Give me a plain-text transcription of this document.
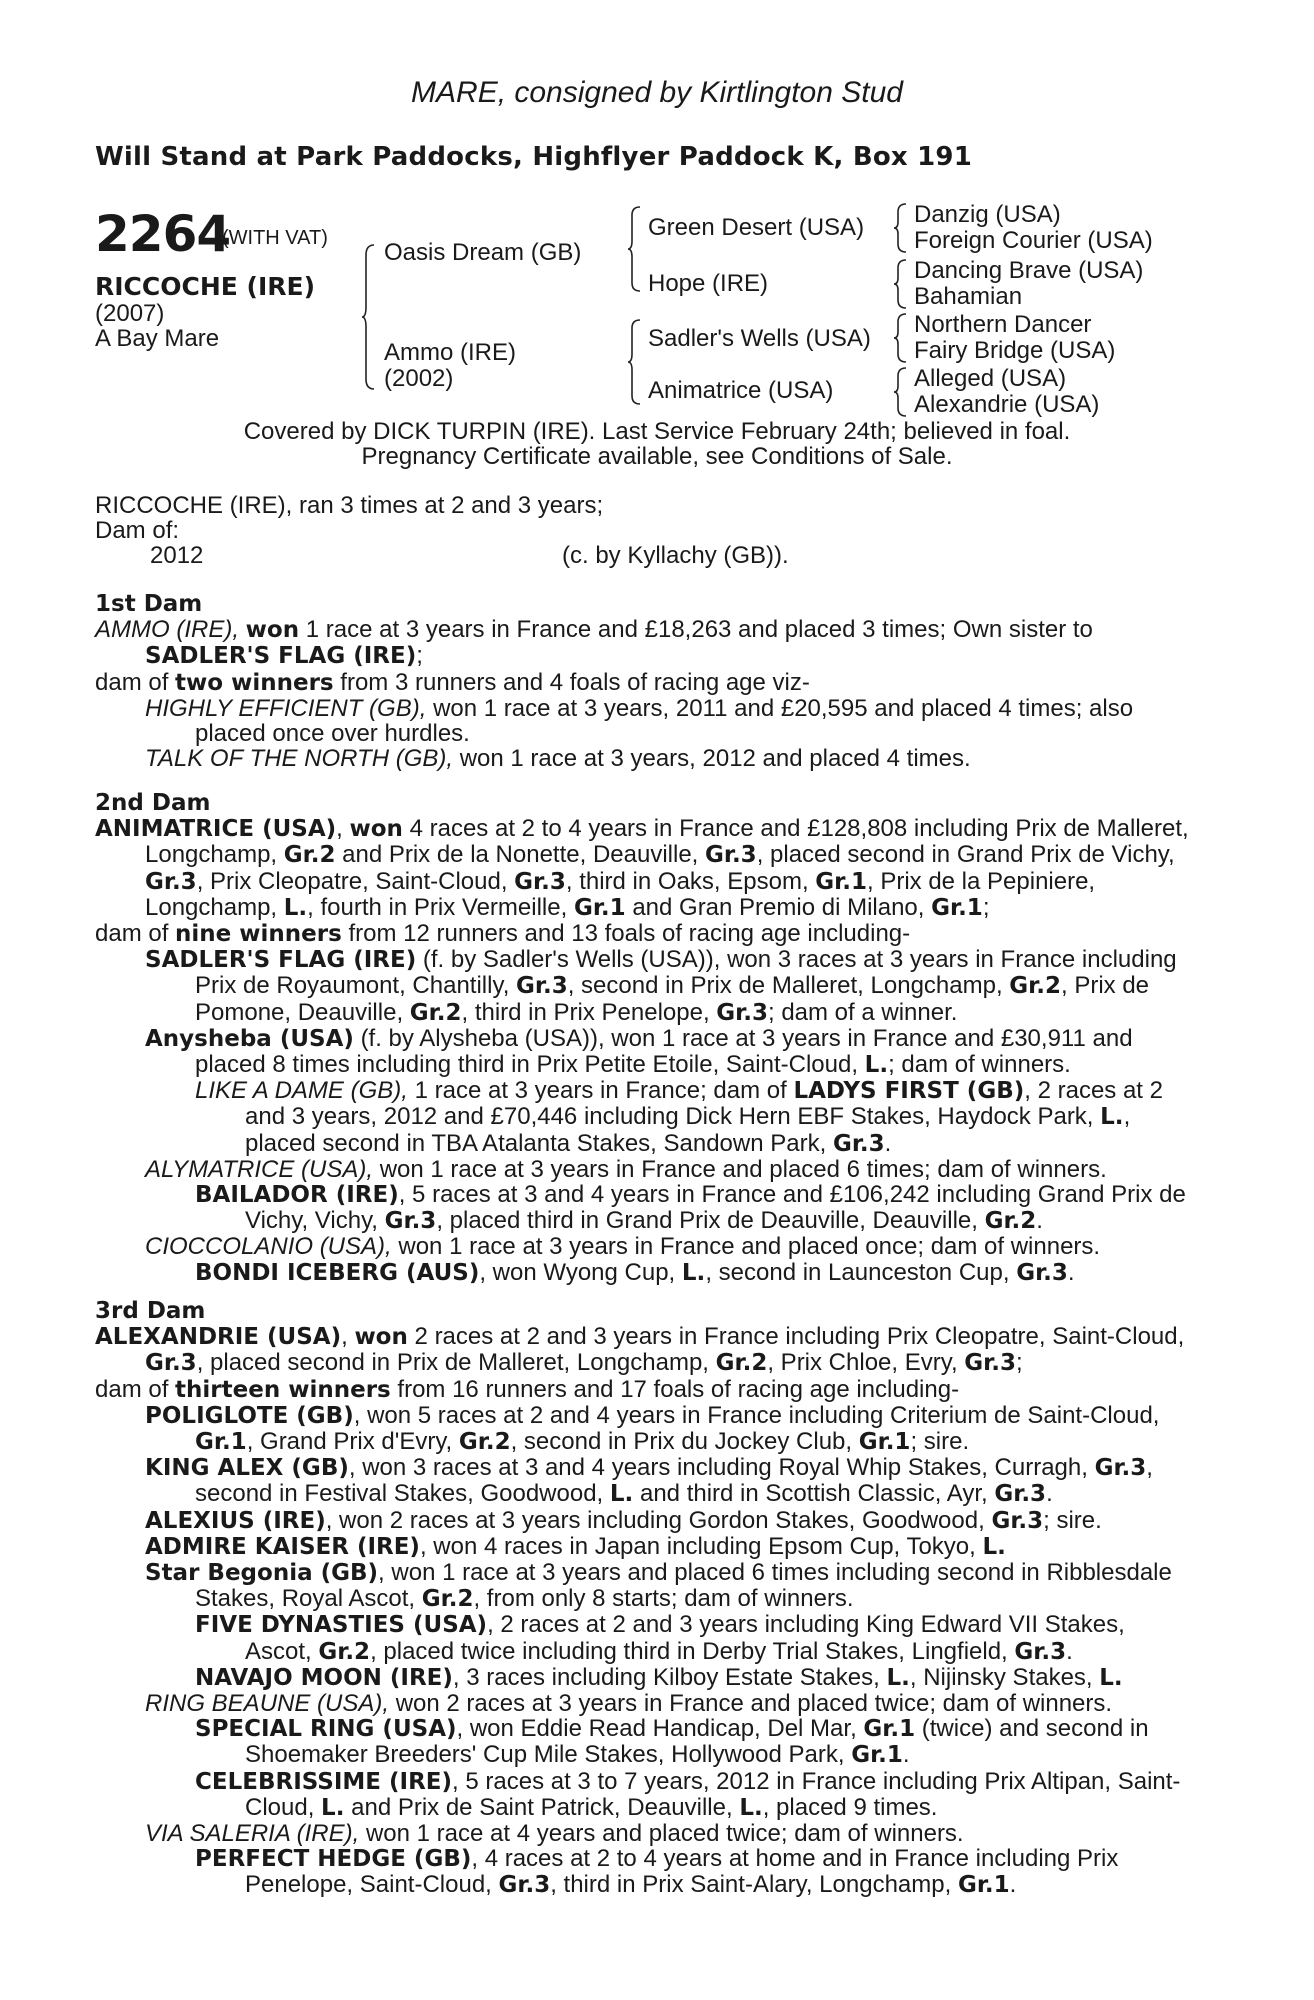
MARE, consigned by Kirtlington Stud
Will Stand at Park Paddocks, Highflyer Paddock K, Box 191
2264
(WITH VAT)
RICCOCHE (IRE)
(2007)
A Bay Mare
Oasis Dream (GB)
Ammo (IRE)
(2002)
Green Desert (USA)
Hope (IRE)
Sadler's Wells (USA)
Animatrice (USA)
Danzig (USA)
Foreign Courier (USA)
Dancing Brave (USA)
Bahamian
Northern Dancer
Fairy Bridge (USA)
Alleged (USA)
Alexandrie (USA)
Covered by DICK TURPIN (IRE). Last Service February 24th; believed in foal.
Pregnancy Certificate available, see Conditions of Sale.

RICCOCHE (IRE), ran 3 times at 2 and 3 years;

Dam of:

2012	(c. by Kyllachy (GB)).

1st Dam

AMMO (IRE), won 1 race at 3 years in France and £18,263 and placed 3 times; Own sister to SADLER'S FLAG (IRE);

dam of two winners from 3 runners and 4 foals of racing age viz-

HIGHLY EFFICIENT (GB), won 1 race at 3 years, 2011 and £20,595 and placed 4 times; also placed once over hurdles.

TALK OF THE NORTH (GB), won 1 race at 3 years, 2012 and placed 4 times.

2nd Dam

ANIMATRICE (USA), won 4 races at 2 to 4 years in France and £128,808 including Prix de Malleret, Longchamp, Gr.2 and Prix de la Nonette, Deauville, Gr.3, placed second in Grand Prix de Vichy, Gr.3, Prix Cleopatre, Saint-Cloud, Gr.3, third in Oaks, Epsom, Gr.1, Prix de la Pepiniere, Longchamp, L., fourth in Prix Vermeille, Gr.1 and Gran Premio di Milano, Gr.1;

dam of nine winners from 12 runners and 13 foals of racing age including-

SADLER'S FLAG (IRE) (f. by Sadler's Wells (USA)), won 3 races at 3 years in France including Prix de Royaumont, Chantilly, Gr.3, second in Prix de Malleret, Longchamp, Gr.2, Prix de Pomone, Deauville, Gr.2, third in Prix Penelope, Gr.3; dam of a winner.

Anysheba (USA) (f. by Alysheba (USA)), won 1 race at 3 years in France and £30,911 and placed 8 times including third in Prix Petite Etoile, Saint-Cloud, L.; dam of winners.

LIKE A DAME (GB), 1 race at 3 years in France; dam of LADYS FIRST (GB), 2 races at 2 and 3 years, 2012 and £70,446 including Dick Hern EBF Stakes, Haydock Park, L., placed second in TBA Atalanta Stakes, Sandown Park, Gr.3.

ALYMATRICE (USA), won 1 race at 3 years in France and placed 6 times; dam of winners.

BAILADOR (IRE), 5 races at 3 and 4 years in France and £106,242 including Grand Prix de Vichy, Vichy, Gr.3, placed third in Grand Prix de Deauville, Deauville, Gr.2.

CIOCCOLANIO (USA), won 1 race at 3 years in France and placed once; dam of winners.

BONDI ICEBERG (AUS), won Wyong Cup, L., second in Launceston Cup, Gr.3.

3rd Dam

ALEXANDRIE (USA), won 2 races at 2 and 3 years in France including Prix Cleopatre, Saint-Cloud, Gr.3, placed second in Prix de Malleret, Longchamp, Gr.2, Prix Chloe, Evry, Gr.3;

dam of thirteen winners from 16 runners and 17 foals of racing age including-

POLIGLOTE (GB), won 5 races at 2 and 4 years in France including Criterium de Saint-Cloud, Gr.1, Grand Prix d'Evry, Gr.2, second in Prix du Jockey Club, Gr.1; sire.

KING ALEX (GB), won 3 races at 3 and 4 years including Royal Whip Stakes, Curragh, Gr.3, second in Festival Stakes, Goodwood, L. and third in Scottish Classic, Ayr, Gr.3.

ALEXIUS (IRE), won 2 races at 3 years including Gordon Stakes, Goodwood, Gr.3; sire.

ADMIRE KAISER (IRE), won 4 races in Japan including Epsom Cup, Tokyo, L.

Star Begonia (GB), won 1 race at 3 years and placed 6 times including second in Ribblesdale Stakes, Royal Ascot, Gr.2, from only 8 starts; dam of winners.

FIVE DYNASTIES (USA), 2 races at 2 and 3 years including King Edward VII Stakes, Ascot, Gr.2, placed twice including third in Derby Trial Stakes, Lingfield, Gr.3.

NAVAJO MOON (IRE), 3 races including Kilboy Estate Stakes, L., Nijinsky Stakes, L.

RING BEAUNE (USA), won 2 races at 3 years in France and placed twice; dam of winners.

SPECIAL RING (USA), won Eddie Read Handicap, Del Mar, Gr.1 (twice) and second in Shoemaker Breeders' Cup Mile Stakes, Hollywood Park, Gr.1.

CELEBRISSIME (IRE), 5 races at 3 to 7 years, 2012 in France including Prix Altipan, Saint-Cloud, L. and Prix de Saint Patrick, Deauville, L., placed 9 times.

VIA SALERIA (IRE), won 1 race at 4 years and placed twice; dam of winners.

PERFECT HEDGE (GB), 4 races at 2 to 4 years at home and in France including Prix Penelope, Saint-Cloud, Gr.3, third in Prix Saint-Alary, Longchamp, Gr.1.
